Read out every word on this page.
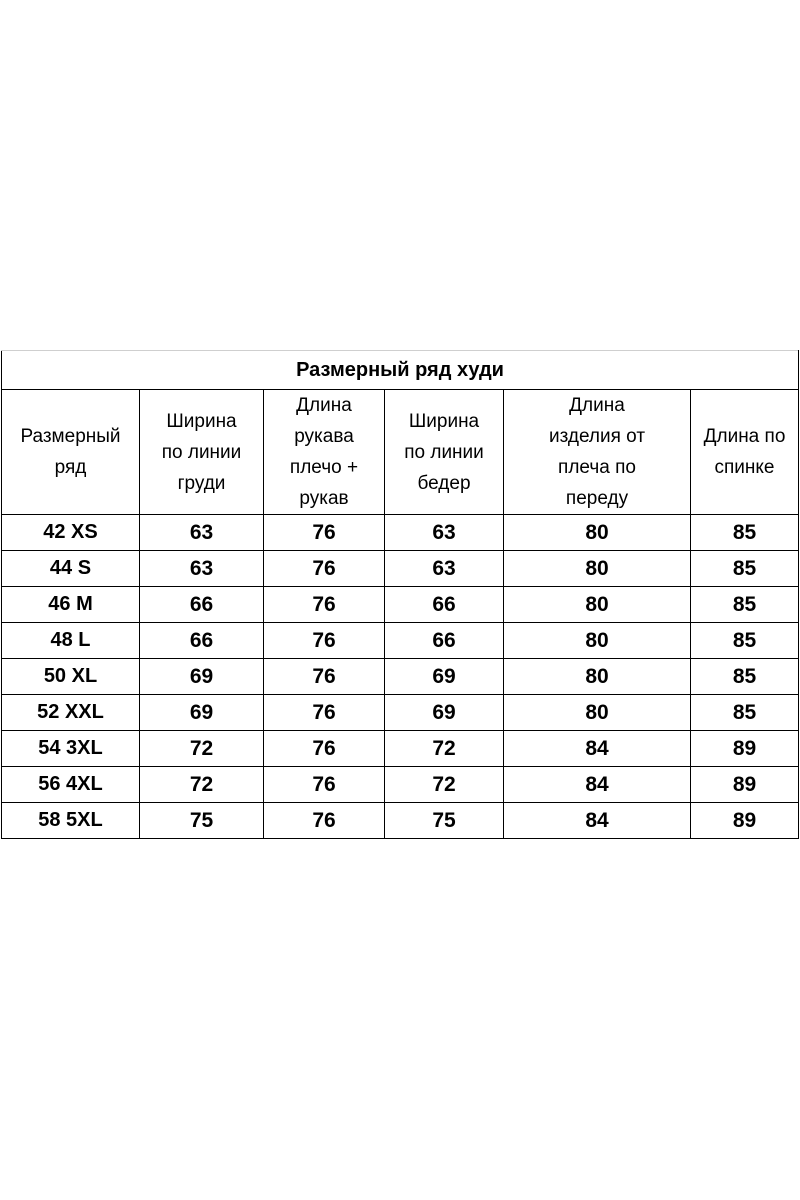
Размерный ряд худи					
Размерный
ряд	Ширина
по линии
груди	Длина
рукава
плечо +
рукав	Ширина
по линии
бедер	Длина
изделия от
плеча по
переду	Длина по
спинке
42 XS	63	76	63	80	85
44 S	63	76	63	80	85
46 M	66	76	66	80	85
48 L	66	76	66	80	85
50 XL	69	76	69	80	85
52 XXL	69	76	69	80	85
54 3XL	72	76	72	84	89
56 4XL	72	76	72	84	89
58 5XL	75	76	75	84	89
